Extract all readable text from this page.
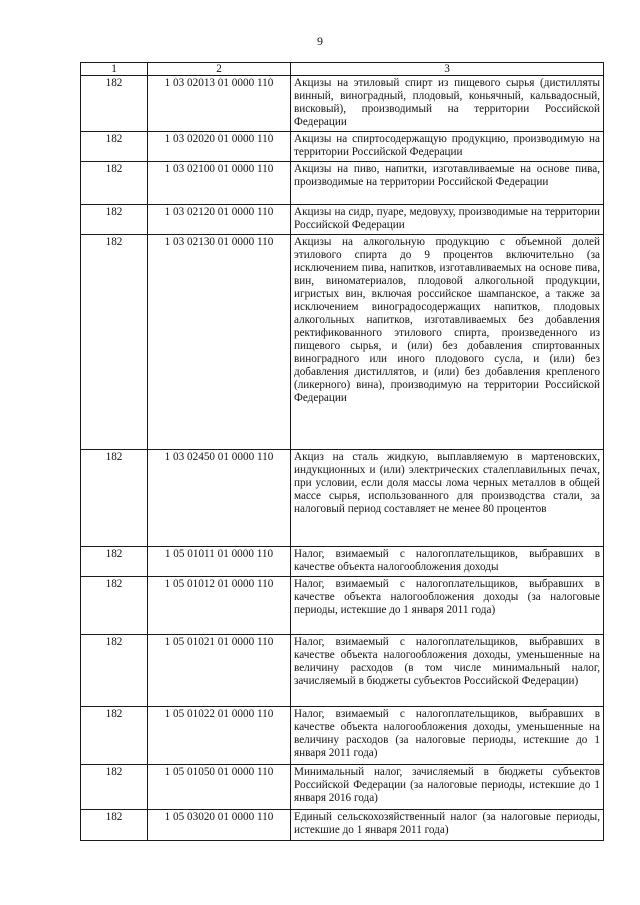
9
1	2	3
182	1 03 02013 01 0000 110	Акцизы на этиловый спирт из пищевого сырья (дистилляты винный, виноградный, плодовый, коньячный, кальвадосный, висковый), производимый на территории Российской Федерации
182	1 03 02020 01 0000 110	Акцизы на спиртосодержащую продукцию, производимую на территории Российской Федерации
182	1 03 02100 01 0000 110	Акцизы на пиво, напитки, изготавливаемые на основе пива, производимые на территории Российской Федерации
182	1 03 02120 01 0000 110	Акцизы на сидр, пуаре, медовуху, производимые на территории Российской Федерации
182	1 03 02130 01 0000 110	Акцизы на алкогольную продукцию с объемной долей этилового спирта до 9 процентов включительно (за исключением пива, напитков, изготавливаемых на основе пива, вин, виноматериалов, плодовой алкогольной продукции, игристых вин, включая российское шампанское, а также за исключением виноградосодержащих напитков, плодовых алкогольных напитков, изготавливаемых без добавления ректификованного этилового спирта, произведенного из пищевого сырья, и (или) без добавления спиртованных виноградного или иного плодового сусла, и (или) без добавления дистиллятов, и (или) без добавления крепленого (ликерного) вина), производимую на территории Российской Федерации
182	1 03 02450 01 0000 110	Акциз на сталь жидкую, выплавляемую в мартеновских, индукционных и (или) электрических сталеплавильных печах, при условии, если доля массы лома черных металлов в общей массе сырья, использованного для производства стали, за налоговый период составляет не менее 80 процентов
182	1 05 01011 01 0000 110	Налог, взимаемый с налогоплательщиков, выбравших в качестве объекта налогообложения доходы
182	1 05 01012 01 0000 110	Налог, взимаемый с налогоплательщиков, выбравших в качестве объекта налогообложения доходы (за налоговые периоды, истекшие до 1 января 2011 года)
182	1 05 01021 01 0000 110	Налог, взимаемый с налогоплательщиков, выбравших в качестве объекта налогообложения доходы, уменьшенные на величину расходов (в том числе минимальный налог, зачисляемый в бюджеты субъектов Российской Федерации)
182	1 05 01022 01 0000 110	Налог, взимаемый с налогоплательщиков, выбравших в качестве объекта налогообложения доходы, уменьшенные на величину расходов (за налоговые периоды, истекшие до 1 января 2011 года)
182	1 05 01050 01 0000 110	Минимальный налог, зачисляемый в бюджеты субъектов Российской Федерации (за налоговые периоды, истекшие до 1 января 2016 года)
182	1 05 03020 01 0000 110	Единый сельскохозяйственный налог (за налоговые периоды, истекшие до 1 января 2011 года)
